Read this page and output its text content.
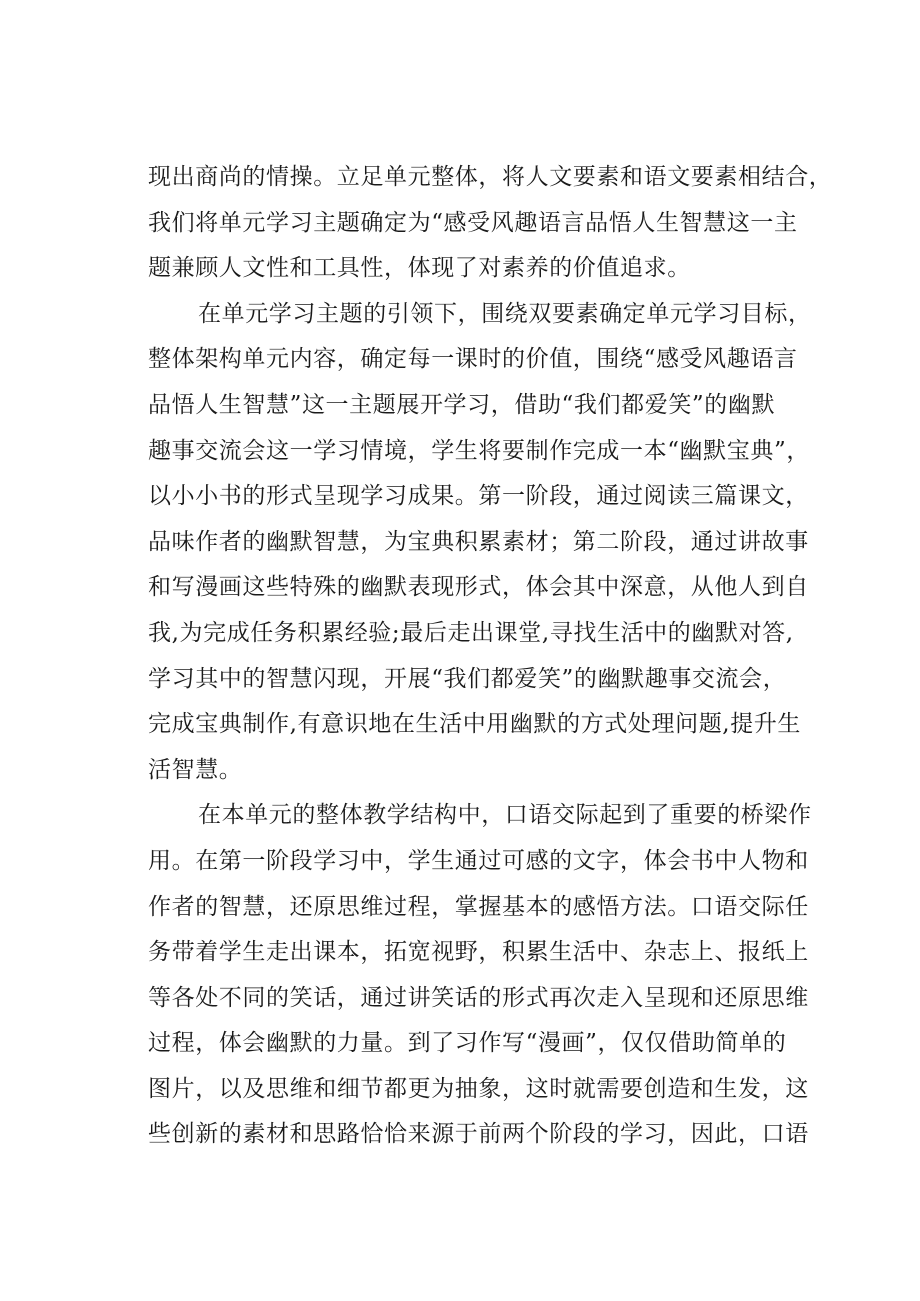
现出商尚的情操。立足单元整体，将人文要素和语文要素相结合，
我们将单元学习主题确定为“感受风趣语言品悟人生智慧这一主
题兼顾人文性和工具性，体现了对素养的价值追求。
在单元学习主题的引领下，围绕双要素确定单元学习目标，
整体架构单元内容，确定每一课时的价值，围绕“感受风趣语言
品悟人生智慧”这一主题展开学习，借助“我们都爱笑”的幽默
趣事交流会这一学习情境，学生将要制作完成一本“幽默宝典”，
以小小书的形式呈现学习成果。第一阶段，通过阅读三篇课文，
品味作者的幽默智慧，为宝典积累素材；第二阶段，通过讲故事
和写漫画这些特殊的幽默表现形式，体会其中深意，从他人到自
我,为完成任务积累经验;最后走出课堂,寻找生活中的幽默对答,
学习其中的智慧闪现，开展“我们都爱笑”的幽默趣事交流会，
完成宝典制作,有意识地在生活中用幽默的方式处理问题,提升生
活智慧。
在本单元的整体教学结构中，口语交际起到了重要的桥梁作
用。在第一阶段学习中，学生通过可感的文字，体会书中人物和
作者的智慧，还原思维过程，掌握基本的感悟方法。口语交际任
务带着学生走出课本，拓宽视野，积累生活中、杂志上、报纸上
等各处不同的笑话，通过讲笑话的形式再次走入呈现和还原思维
过程，体会幽默的力量。到了习作写“漫画”，仅仅借助简单的
图片，以及思维和细节都更为抽象，这时就需要创造和生发，这
些创新的素材和思路恰恰来源于前两个阶段的学习，因此，口语
